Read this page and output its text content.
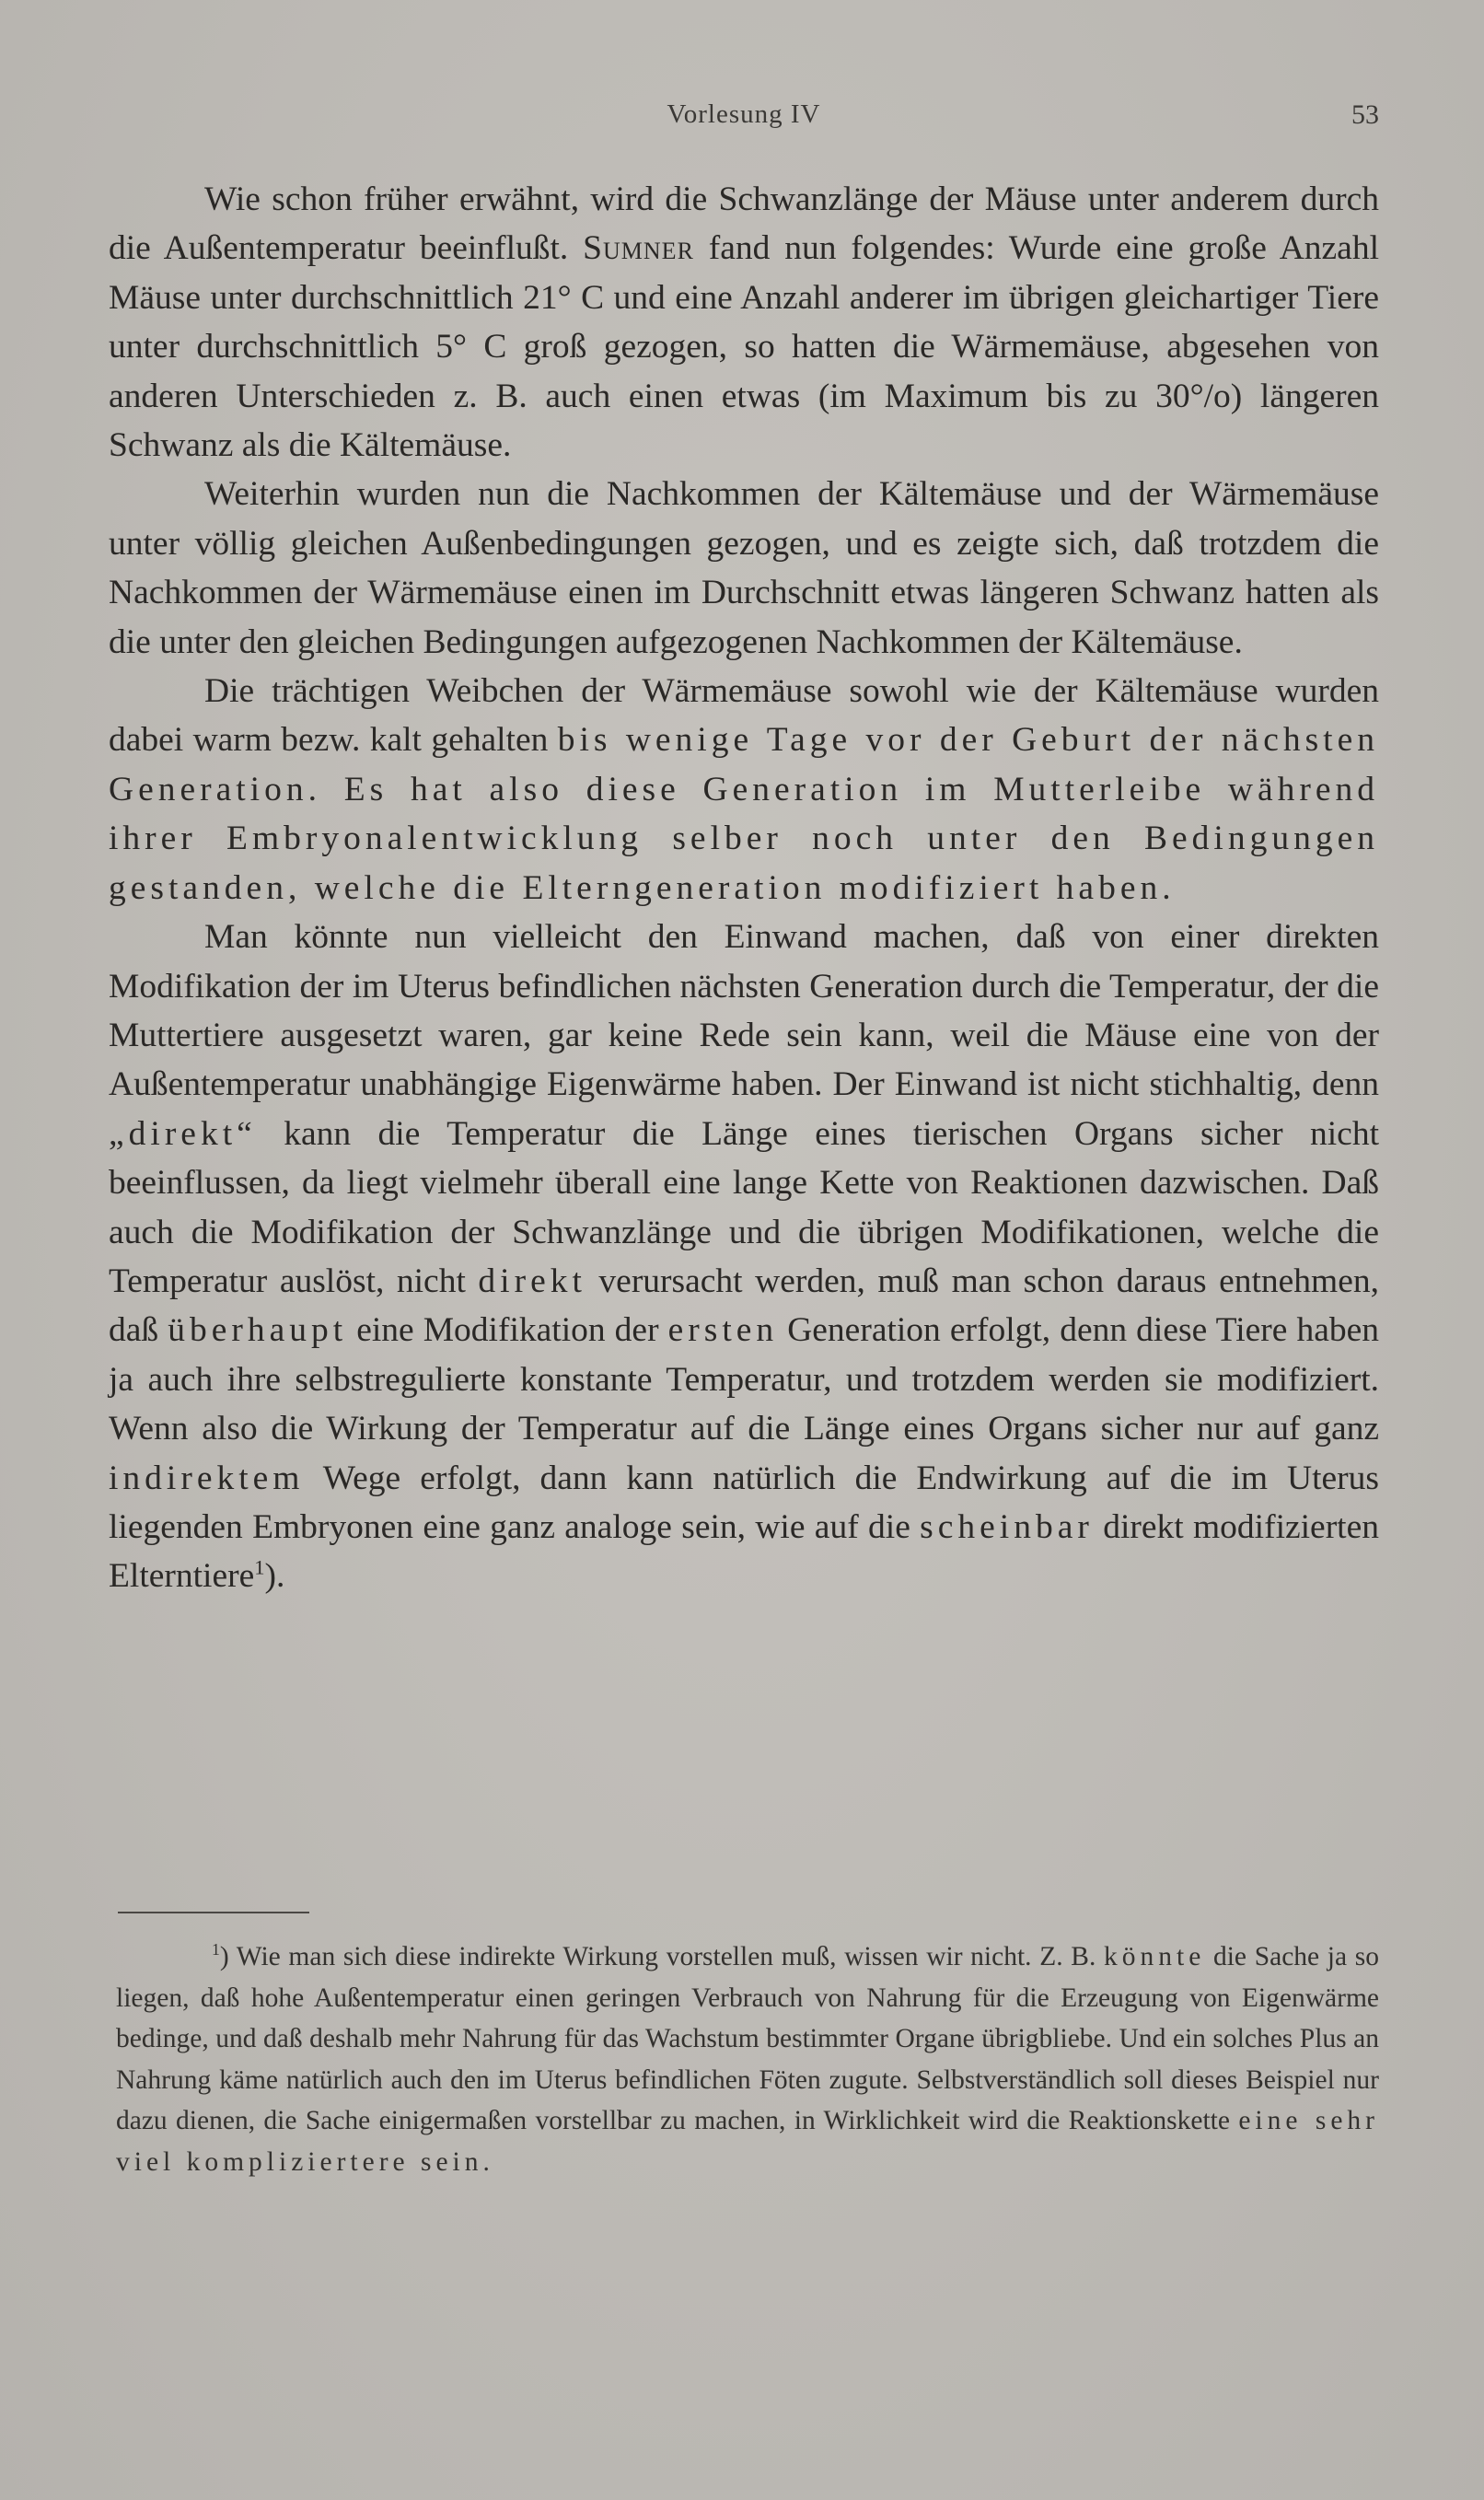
Vorlesung IV	53

Wie schon früher erwähnt, wird die Schwanzlänge der Mäuse unter anderem durch die Außentemperatur beeinflußt. Sumner fand nun folgendes: Wurde eine große Anzahl Mäuse unter durchschnittlich 21° C und eine Anzahl anderer im übrigen gleichartiger Tiere unter durchschnittlich 5° C groß gezogen, so hatten die Wärmemäuse, abgesehen von anderen Unterschieden z. B. auch einen etwas (im Maximum bis zu 30°/o) längeren Schwanz als die Kältemäuse.

Weiterhin wurden nun die Nachkommen der Kältemäuse und der Wärmemäuse unter völlig gleichen Außenbedingungen gezogen, und es zeigte sich, daß trotzdem die Nachkommen der Wärmemäuse einen im Durchschnitt etwas längeren Schwanz hatten als die unter den gleichen Bedingungen aufgezogenen Nachkommen der Kältemäuse.

Die trächtigen Weibchen der Wärmemäuse sowohl wie der Kältemäuse wurden dabei warm bezw. kalt gehalten bis wenige Tage vor der Geburt der nächsten Generation. Es hat also diese Generation im Mutterleibe während ihrer Embryonalentwicklung selber noch unter den Bedingungen gestanden, welche die Elterngeneration modifiziert haben.

Man könnte nun vielleicht den Einwand machen, daß von einer direkten Modifikation der im Uterus befindlichen nächsten Generation durch die Temperatur, der die Muttertiere ausgesetzt waren, gar keine Rede sein kann, weil die Mäuse eine von der Außentemperatur unabhängige Eigenwärme haben. Der Einwand ist nicht stichhaltig, denn „direkt“ kann die Temperatur die Länge eines tierischen Organs sicher nicht beeinflussen, da liegt vielmehr überall eine lange Kette von Reaktionen dazwischen. Daß auch die Modifikation der Schwanzlänge und die übrigen Modifikationen, welche die Temperatur auslöst, nicht direkt verursacht werden, muß man schon daraus entnehmen, daß überhaupt eine Modifikation der ersten Generation erfolgt, denn diese Tiere haben ja auch ihre selbstregulierte konstante Temperatur, und trotzdem werden sie modifiziert. Wenn also die Wirkung der Temperatur auf die Länge eines Organs sicher nur auf ganz indirektem Wege erfolgt, dann kann natürlich die Endwirkung auf die im Uterus liegenden Embryonen eine ganz analoge sein, wie auf die scheinbar direkt modifizierten Elterntiere$^1$).

$^1$) Wie man sich diese indirekte Wirkung vorstellen muß, wissen wir nicht. Z. B. könnte die Sache ja so liegen, daß hohe Außentemperatur einen geringen Verbrauch von Nahrung für die Erzeugung von Eigenwärme bedinge, und daß deshalb mehr Nahrung für das Wachstum bestimmter Organe übrigbliebe. Und ein solches Plus an Nahrung käme natürlich auch den im Uterus befindlichen Föten zugute. Selbstverständlich soll dieses Beispiel nur dazu dienen, die Sache einigermaßen vorstellbar zu machen, in Wirklichkeit wird die Reaktionskette eine sehr viel kompliziertere sein.
